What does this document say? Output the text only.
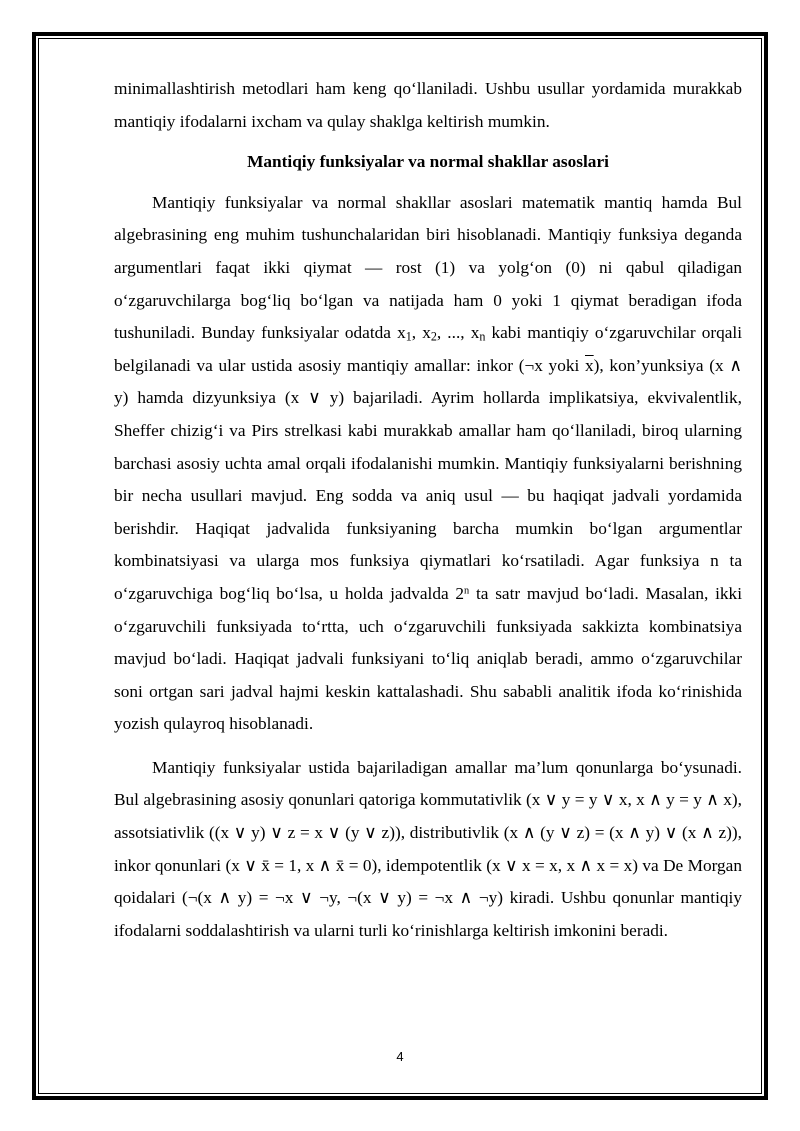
minimallashtirish metodlari ham keng qo‘llaniladi. Ushbu usullar yordamida murakkab mantiqiy ifodalarni ixcham va qulay shaklga keltirish mumkin.

Mantiqiy funksiyalar va normal shakllar asoslari

Mantiqiy funksiyalar va normal shakllar asoslari matematik mantiq hamda Bul algebrasining eng muhim tushunchalaridan biri hisoblanadi. Mantiqiy funksiya deganda argumentlari faqat ikki qiymat — rost (1) va yolg‘on (0) ni qabul qiladigan o‘zgaruvchilarga bog‘liq bo‘lgan va natijada ham 0 yoki 1 qiymat beradigan ifoda tushuniladi. Bunday funksiyalar odatda $x_1$, $x_2$, ..., $x_n$ kabi mantiqiy o‘zgaruvchilar orqali belgilanadi va ular ustida asosiy mantiqiy amallar: inkor (¬x yoki $\overline{x}$), kon’yunksiya (x ∧ y) hamda dizyunksiya (x ∨ y) bajariladi. Ayrim hollarda implikatsiya, ekvivalentlik, Sheffer chizig‘i va Pirs strelkasi kabi murakkab amallar ham qo‘llaniladi, biroq ularning barchasi asosiy uchta amal orqali ifodalanishi mumkin. Mantiqiy funksiyalarni berishning bir necha usullari mavjud. Eng sodda va aniq usul — bu haqiqat jadvali yordamida berishdir. Haqiqat jadvalida funksiyaning barcha mumkin bo‘lgan argumentlar kombinatsiyasi va ularga mos funksiya qiymatlari ko‘rsatiladi. Agar funksiya n ta o‘zgaruvchiga bog‘liq bo‘lsa, u holda jadvalda 2$^n$ ta satr mavjud bo‘ladi. Masalan, ikki o‘zgaruvchili funksiyada to‘rtta, uch o‘zgaruvchili funksiyada sakkizta kombinatsiya mavjud bo‘ladi. Haqiqat jadvali funksiyani to‘liq aniqlab beradi, ammo o‘zgaruvchilar soni ortgan sari jadval hajmi keskin kattalashadi. Shu sababli analitik ifoda ko‘rinishida yozish qulayroq hisoblanadi.

Mantiqiy funksiyalar ustida bajariladigan amallar ma’lum qonunlarga bo‘ysunadi. Bul algebrasining asosiy qonunlari qatoriga kommutativlik (x ∨ y = y ∨ x, x ∧ y = y ∧ x), assotsiativlik ((x ∨ y) ∨ z = x ∨ (y ∨ z)), distributivlik (x ∧ (y ∨ z) = (x ∧ y) ∨ (x ∧ z)), inkor qonunlari (x ∨ x̄ = 1, x ∧ x̄ = 0), idempotentlik (x ∨ x = x, x ∧ x = x) va De Morgan qoidalari (¬(x ∧ y) = ¬x ∨ ¬y, ¬(x ∨ y) = ¬x ∧ ¬y) kiradi. Ushbu qonunlar mantiqiy ifodalarni soddalashtirish va ularni turli ko‘rinishlarga keltirish imkonini beradi.

4
